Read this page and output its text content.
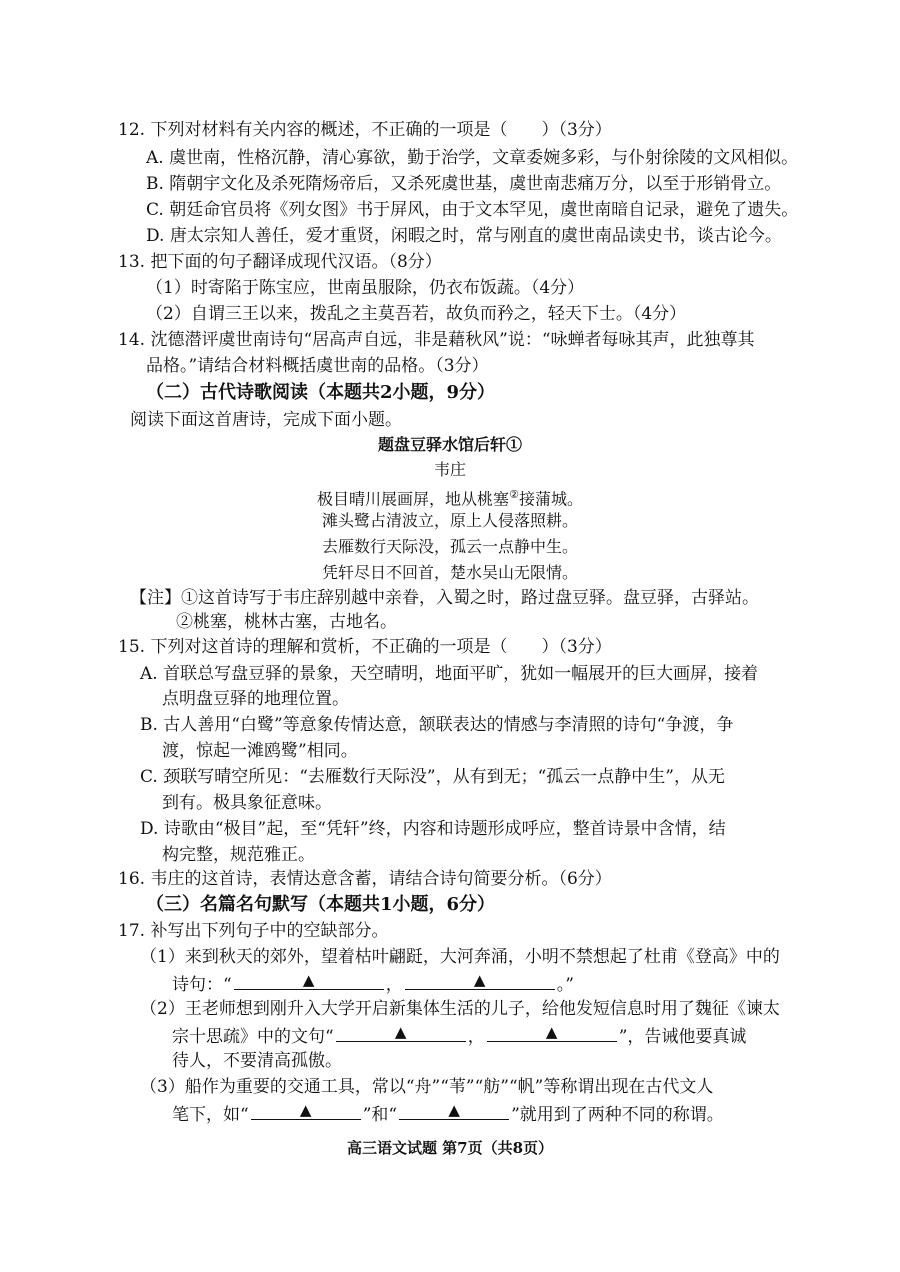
12. 下列对材料有关内容的概述，不正确的一项是（　　）（3分）
A. 虞世南，性格沉静，清心寡欲，勤于治学，文章委婉多彩，与仆射徐陵的文风相似。
B. 隋朝宇文化及杀死隋炀帝后，又杀死虞世基，虞世南悲痛万分，以至于形销骨立。
C. 朝廷命官员将《列女图》书于屏风，由于文本罕见，虞世南暗自记录，避免了遗失。
D. 唐太宗知人善任，爱才重贤，闲暇之时，常与刚直的虞世南品读史书，谈古论今。
13. 把下面的句子翻译成现代汉语。（8分）
（1）时寄陷于陈宝应，世南虽服除，仍衣布饭蔬。（4分）
（2）自谓三王以来，拨乱之主莫吾若，故负而矜之，轻天下士。（4分）
14. 沈德潜评虞世南诗句“居高声自远，非是藉秋风”说：“咏蝉者每咏其声，此独尊其
品格。”请结合材料概括虞世南的品格。（3分）
（二）古代诗歌阅读（本题共2小题，9分）
阅读下面这首唐诗，完成下面小题。
题盘豆驿水馆后轩①
韦庄
极目晴川展画屏，地从桃塞②接蒲城。
滩头鹭占清波立，原上人侵落照耕。
去雁数行天际没，孤云一点静中生。
凭轩尽日不回首，楚水吴山无限情。
【注】①这首诗写于韦庄辞别越中亲眷，入蜀之时，路过盘豆驿。盘豆驿，古驿站。
②桃塞，桃林古塞，古地名。
15. 下列对这首诗的理解和赏析，不正确的一项是（　　）（3分）
A. 首联总写盘豆驿的景象，天空晴明，地面平旷，犹如一幅展开的巨大画屏，接着
点明盘豆驿的地理位置。
B. 古人善用“白鹭”等意象传情达意，颔联表达的情感与李清照的诗句“争渡，争
渡，惊起一滩鸥鹭”相同。
C. 颈联写晴空所见：“去雁数行天际没”，从有到无；“孤云一点静中生”，从无
到有。极具象征意味。
D. 诗歌由“极目”起，至“凭轩”终，内容和诗题形成呼应，整首诗景中含情，结
构完整，规范雅正。
16. 韦庄的这首诗，表情达意含蓄，请结合诗句简要分析。（6分）
（三）名篇名句默写（本题共1小题，6分）
17. 补写出下列句子中的空缺部分。
（1）来到秋天的郊外，望着枯叶翩跹，大河奔涌，小明不禁想起了杜甫《登高》中的
诗句：“	▲	，	▲	。”
（2）王老师想到刚升入大学开启新集体生活的儿子，给他发短信息时用了魏征《谏太
宗十思疏》中的文句“	▲	，	▲	”，告诫他要真诚
待人，不要清高孤傲。
（3）船作为重要的交通工具，常以“舟”“苇”“舫”“帆”等称谓出现在古代文人
笔下，如“	▲	”和“	▲	”就用到了两种不同的称谓。
高三语文试题 第7页（共8页）
